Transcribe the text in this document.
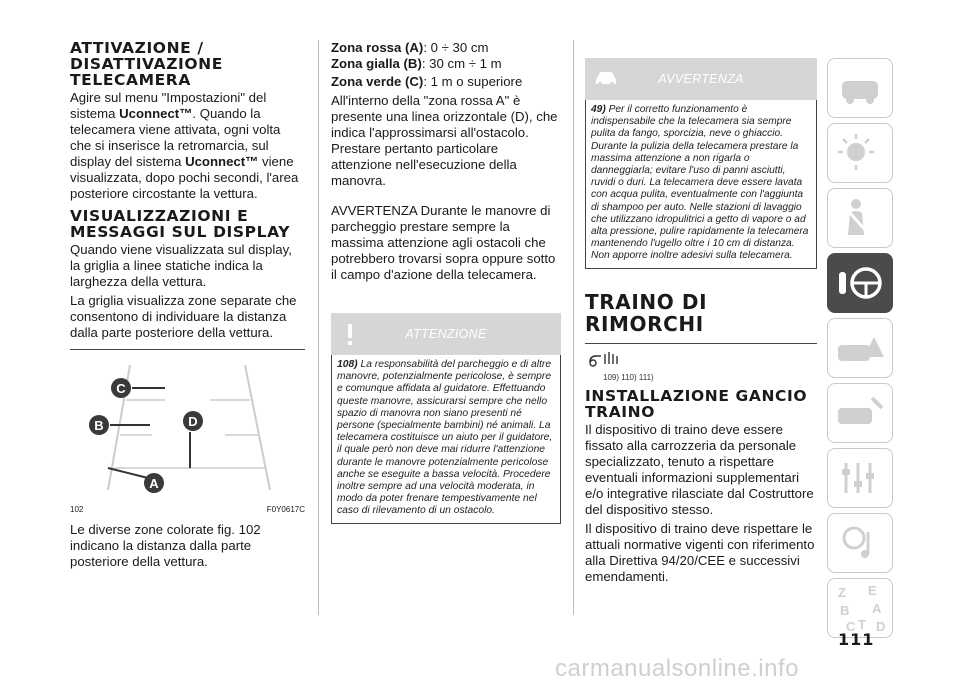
ATTIVAZIONE / DISATTIVAZIONE TELECAMERA

Agire sul menu "Impostazioni" del sistema Uconnect™. Quando la telecamera viene attivata, ogni volta che si inserisce la retromarcia, sul display del sistema Uconnect™ viene visualizzata, dopo pochi secondi, l'area posteriore circostante la vettura.

VISUALIZZAZIONI E MESSAGGI SUL DISPLAY

Quando viene visualizzata sul display, la griglia a linee statiche indica la larghezza della vettura.

La griglia visualizza zone separate che consentono di individuare la distanza dalla parte posteriore della vettura.

C
B	D
A
102	F0Y0617C

Le diverse zone colorate fig. 102 indicano la distanza dalla parte posteriore della vettura.

Zona rossa (A): 0 ÷ 30 cm

Zona gialla (B): 30 cm ÷ 1 m

Zona verde (C): 1 m o superiore

All'interno della "zona rossa A" è presente una linea orizzontale (D), che indica l'approssimarsi all'ostacolo. Prestare pertanto particolare attenzione nell'esecuzione della manovra.

AVVERTENZA Durante le manovre di parcheggio prestare sempre la massima attenzione agli ostacoli che potrebbero trovarsi sopra oppure sotto il campo d'azione della telecamera.

ATTENZIONE
108) La responsabilità del parcheggio e di altre manovre, potenzialmente pericolose, è sempre e comunque affidata al guidatore. Effettuando queste manovre, assicurarsi sempre che nello spazio di manovra non siano presenti né persone (specialmente bambini) né animali. La telecamera costituisce un aiuto per il guidatore, il quale però non deve mai ridurre l'attenzione durante le manovre potenzialmente pericolose anche se eseguite a bassa velocità. Procedere inoltre sempre ad una velocità moderata, in modo da poter frenare tempestivamente nel caso di rilevamento di un ostacolo.
AVVERTENZA
49) Per il corretto funzionamento è indispensabile che la telecamera sia sempre pulita da fango, sporcizia, neve o ghiaccio. Durante la pulizia della telecamera prestare la massima attenzione a non rigarla o danneggiarla; evitare l'uso di panni asciutti, ruvidi o duri. La telecamera deve essere lavata con acqua pulita, eventualmente con l'aggiunta di shampoo per auto. Nelle stazioni di lavaggio che utilizzano idropulitrici a getto di vapore o ad alta pressione, pulire rapidamente la telecamera mantenendo l'ugello oltre i 10 cm di distanza. Non apporre inoltre adesivi sulla telecamera.
TRAINO DI RIMORCHI
109) 110) 111)
INSTALLAZIONE GANCIO TRAINO

Il dispositivo di traino deve essere fissato alla carrozzeria da personale specializzato, tenuto a rispettare eventuali informazioni supplementari e/o integrative rilasciate dal Costruttore del dispositivo stesso.

Il dispositivo di traino deve rispettare le attuali normative vigenti con riferimento alla Direttiva 94/20/CEE e successivi emendamenti.

Z E
B A
C T D
111
carmanualsonline.info
